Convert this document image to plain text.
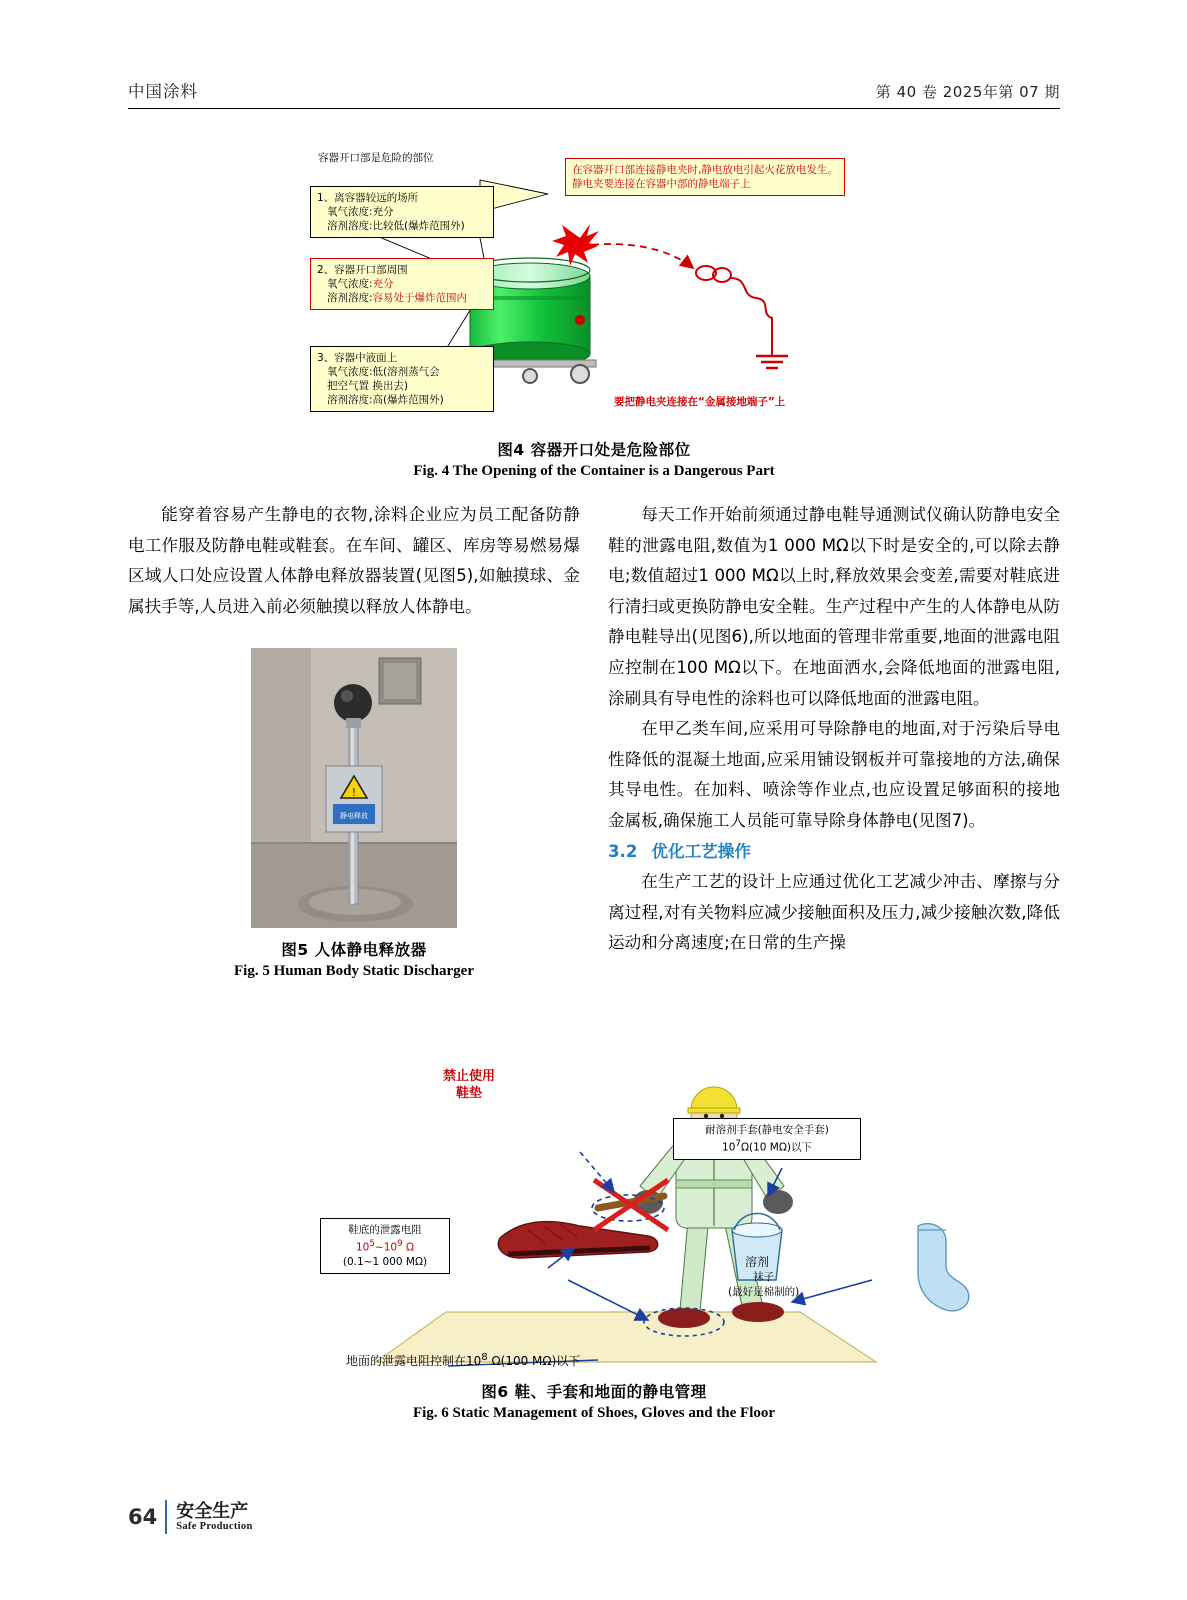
中国涂料	第 40 卷 2025年第 07 期
容器开口部是危险的部位
在容器开口部连接静电夹时,静电放电引起火花放电发生。静电夹要连接在容器中部的静电端子上
1、离容器较远的场所
氧气浓度:充分
溶剂溶度:比较低(爆炸范围外)
2、容器开口部周围
氧气浓度:充分
溶剂溶度:容易处于爆炸范围内
3、容器中液面上
氧气浓度:低(溶剂蒸气会
把空气置 换出去)
溶剂溶度:高(爆炸范围外)	要把静电夹连接在“金属接地端子”上
图4 容器开口处是危险部位
Fig. 4 The Opening of the Container is a Dangerous Part

能穿着容易产生静电的衣物,涂料企业应为员工配备防静电工作服及防静电鞋或鞋套。在车间、罐区、库房等易燃易爆区域人口处应设置人体静电释放器装置(见图5),如触摸球、金属扶手等,人员进入前必须触摸以释放人体静电。

每天工作开始前须通过静电鞋导通测试仪确认防静电安全鞋的泄露电阻,数值为1 000 MΩ以下时是安全的,可以除去静电;数值超过1 000 MΩ以上时,释放效果会变差,需要对鞋底进行清扫或更换防静电安全鞋。生产过程中产生的人体静电从防静电鞋导出(见图6),所以地面的管理非常重要,地面的泄露电阻应控制在100 MΩ以下。在地面洒水,会降低地面的泄露电阻,涂刷具有导电性的涂料也可以降低地面的泄露电阻。

在甲乙类车间,应采用可导除静电的地面,对于污染后导电性降低的混凝土地面,应采用铺设钢板并可靠接地的方法,确保其导电性。在加料、喷涂等作业点,也应设置足够面积的接地金属板,确保施工人员能可靠导除身体静电(见图7)。

3.2 优化工艺操作

在生产工艺的设计上应通过优化工艺减少冲击、摩擦与分离过程,对有关物料应减少接触面积及压力,减少接触次数,降低运动和分离速度;在日常的生产操

!
静电释放
图5 人体静电释放器
Fig. 5 Human Body Static Discharger
溶剂
禁止使用
鞋垫
耐溶剂手套(静电安全手套)
$10^7\Omega(10$ MΩ)以下
鞋底的泄露电阻
$10^5\sim 10^9$ Ω
(0.1~1 000 MΩ)
袜子
(最好是棉制的)
地面的泄露电阻控制在$10^8$ Ω(100 MΩ)以下
图6 鞋、手套和地面的静电管理
Fig. 6 Static Management of Shoes, Gloves and the Floor
64 安全生产
Safe Production
